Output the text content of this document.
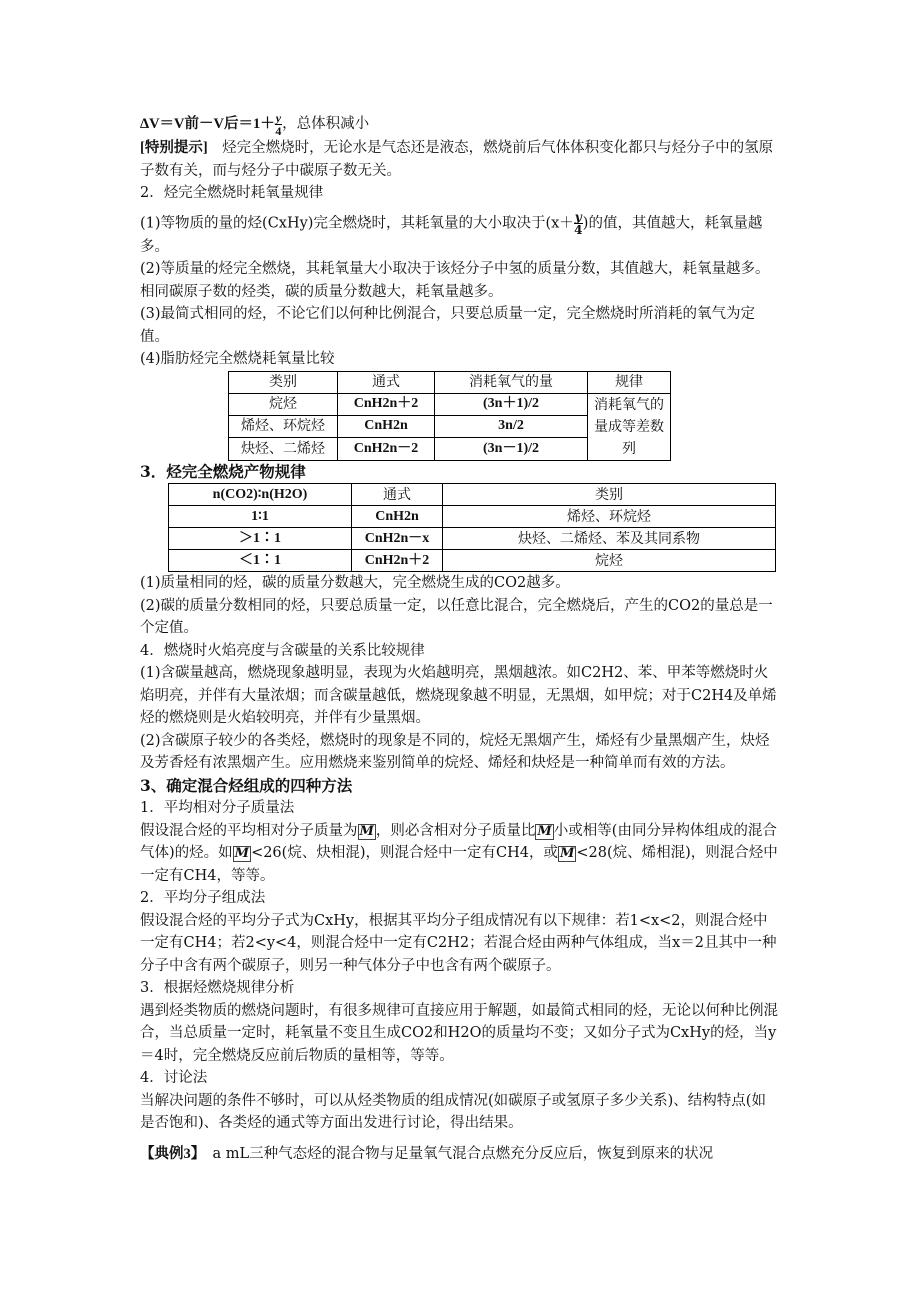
ΔV＝V前－V后$=1+ \frac{y}{4}$ ，总体积减小

[特别提示]　烃完全燃烧时，无论水是气态还是液态，燃烧前后气体体积变化都只与烃分子中的氢原子数有关，而与烃分子中碳原子数无关。

2．烃完全燃烧时耗氧量规律

(1)等物质的量的烃(CxHy)完全燃烧时，其耗氧量的大小取决于($x+ \frac{y}{4}$ )的值，其值越大，耗氧量越多。

(2)等质量的烃完全燃烧，其耗氧量大小取决于该烃分子中氢的质量分数，其值越大，耗氧量越多。相同碳原子数的烃类，碳的质量分数越大，耗氧量越多。

(3)最简式相同的烃，不论它们以何种比例混合，只要总质量一定，完全燃烧时所消耗的氧气为定值。

(4)脂肪烃完全燃烧耗氧量比较

类别	通式	消耗氧气的量	规律
烷烃	CnH2n＋2	(3n＋1)/2	消耗氧气的量成等差数列
烯烃、环烷烃	CnH2n	3n/2	
炔烃、二烯烃	CnH2n－2	(3n－1)/2	

3．烃完全燃烧产物规律

n(CO2)∶n(H2O)	通式	类别
1∶1	CnH2n	烯烃、环烷烃
＞1∶1	CnH2n－x	炔烃、二烯烃、苯及其同系物
＜1∶1	CnH2n＋2	烷烃

(1)质量相同的烃，碳的质量分数越大，完全燃烧生成的CO2越多。

(2)碳的质量分数相同的烃，只要总质量一定，以任意比混合，完全燃烧后，产生的CO2的量总是一个定值。

4．燃烧时火焰亮度与含碳量的关系比较规律

(1)含碳量越高，燃烧现象越明显，表现为火焰越明亮，黑烟越浓。如C2H2、苯、甲苯等燃烧时火焰明亮，并伴有大量浓烟；而含碳量越低，燃烧现象越不明显，无黑烟，如甲烷；对于C2H4及单烯烃的燃烧则是火焰较明亮，并伴有少量黑烟。

(2)含碳原子较少的各类烃，燃烧时的现象是不同的，烷烃无黑烟产生，烯烃有少量黑烟产生，炔烃及芳香烃有浓黑烟产生。应用燃烧来鉴别简单的烷烃、烯烃和炔烃是一种简单而有效的方法。

3、确定混合烃组成的四种方法

1．平均相对分子质量法

假设混合烃的平均相对分子质量为 M ，则必含相对分子质量比 M 小或相等(由同分异构体组成的混合气体)的烃。如 M <26(烷、炔相混)，则混合烃中一定有CH4，或 M <28(烷、烯相混)，则混合烃中一定有CH4，等等。

2．平均分子组成法

假设混合烃的平均分子式为CxHy，根据其平均分子组成情况有以下规律：若1<x<2，则混合烃中一定有CH4；若2<y<4，则混合烃中一定有C2H2；若混合烃由两种气体组成，当x＝2且其中一种分子中含有两个碳原子，则另一种气体分子中也含有两个碳原子。

3．根据烃燃烧规律分析

遇到烃类物质的燃烧问题时，有很多规律可直接应用于解题，如最简式相同的烃，无论以何种比例混合，当总质量一定时，耗氧量不变且生成CO2和H2O的质量均不变；又如分子式为CxHy的烃，当y＝4时，完全燃烧反应前后物质的量相等，等等。

4．讨论法

当解决问题的条件不够时，可以从烃类物质的组成情况(如碳原子或氢原子多少关系)、结构特点(如是否饱和)、各类烃的通式等方面出发进行讨论，得出结果。

【典例3】　a mL三种气态烃的混合物与足量氧气混合点燃充分反应后，恢复到原来的状况
